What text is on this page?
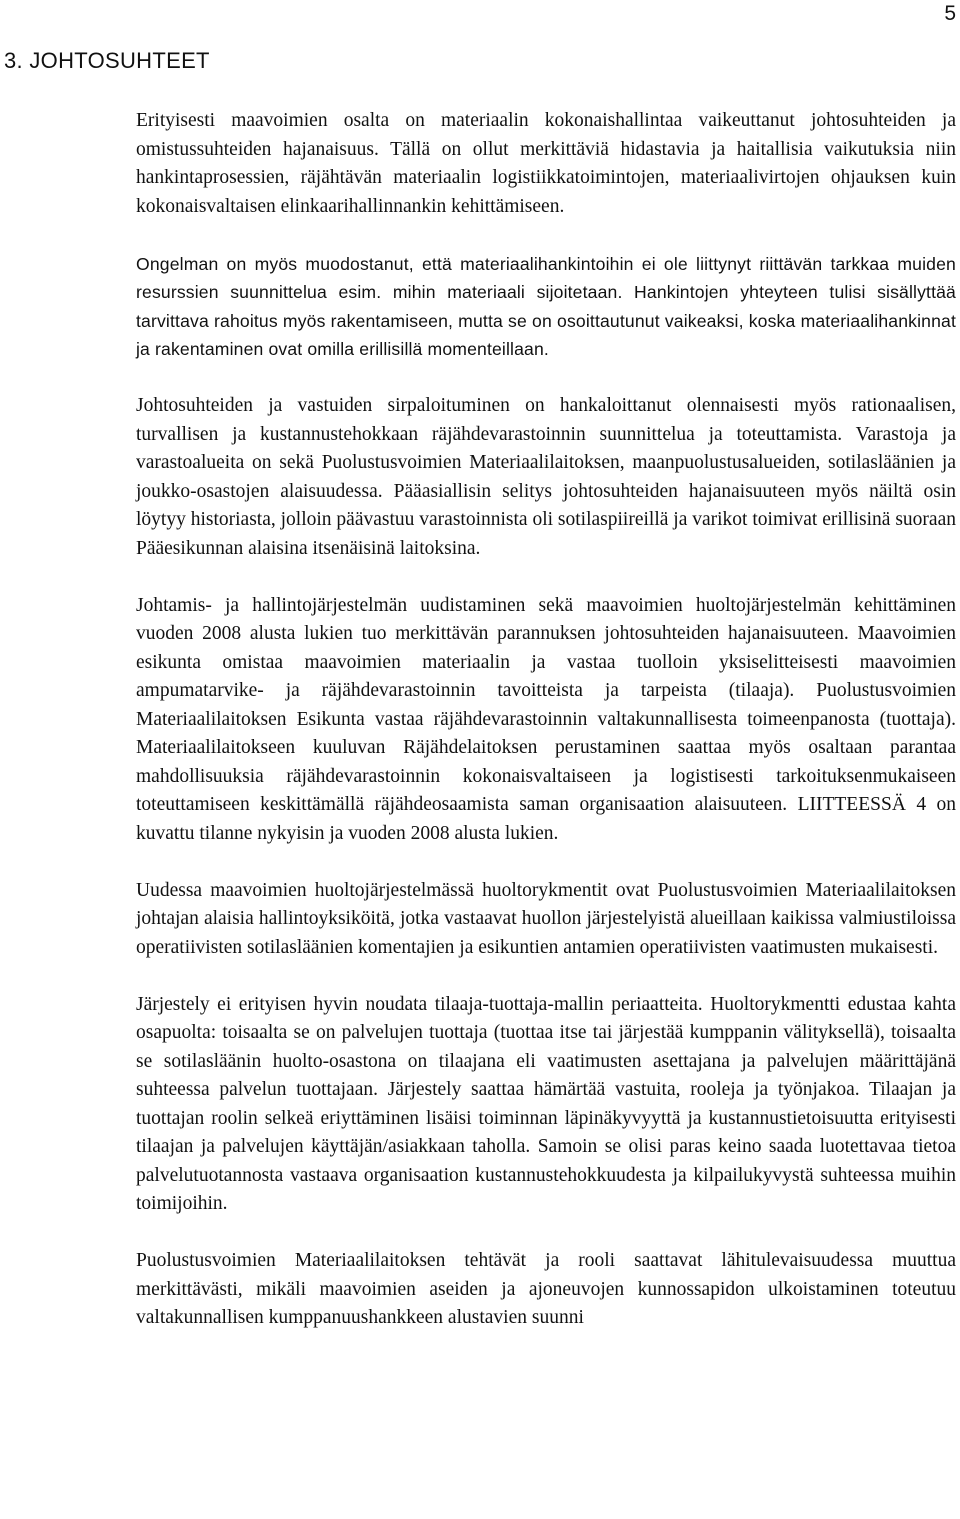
5
3. JOHTOSUHTEET

Erityisesti maavoimien osalta on materiaalin kokonaishallintaa vaikeuttanut johtosuhteiden ja omistussuhteiden hajanaisuus. Tällä on ollut merkittäviä hidastavia ja haitallisia vaikutuksia niin hankintaprosessien, räjähtävän materiaalin logistiikkatoimintojen, materiaalivirtojen ohjauksen kuin kokonaisvaltaisen elinkaarihallinnankin kehittämiseen.

Ongelman on myös muodostanut, että materiaalihankintoihin ei ole liittynyt riittävän tarkkaa muiden resurssien suunnittelua esim. mihin materiaali sijoitetaan. Hankintojen yhteyteen tulisi sisällyttää tarvittava rahoitus myös rakentamiseen, mutta se on osoittautunut vaikeaksi, koska materiaalihankinnat ja rakentaminen ovat omilla erillisillä momenteillaan.

Johtosuhteiden ja vastuiden sirpaloituminen on hankaloittanut olennaisesti myös rationaalisen, turvallisen ja kustannustehokkaan räjähdevarastoinnin suunnittelua ja toteuttamista. Varastoja ja varastoalueita on sekä Puolustusvoimien Materiaalilaitoksen, maanpuolustusalueiden, sotilasläänien ja joukko-osastojen alaisuudessa. Pääasiallisin selitys johtosuhteiden hajanaisuuteen myös näiltä osin löytyy historiasta, jolloin päävastuu varastoinnista oli sotilaspiireillä ja varikot toimivat erillisinä suoraan Pääesikunnan alaisina itsenäisinä laitoksina.

Johtamis- ja hallintojärjestelmän uudistaminen sekä maavoimien huoltojärjestelmän kehittäminen vuoden 2008 alusta lukien tuo merkittävän parannuksen johtosuhteiden hajanaisuuteen. Maavoimien esikunta omistaa maavoimien materiaalin ja vastaa tuolloin yksiselitteisesti maavoimien ampumatarvike- ja räjähdevarastoinnin tavoitteista ja tarpeista (tilaaja). Puolustusvoimien Materiaalilaitoksen Esikunta vastaa räjähdevarastoinnin valtakunnallisesta toimeenpanosta (tuottaja). Materiaalilaitokseen kuuluvan Räjähdelaitoksen perustaminen saattaa myös osaltaan parantaa mahdollisuuksia räjähdevarastoinnin kokonaisvaltaiseen ja logistisesti tarkoituksenmukaiseen toteuttamiseen keskittämällä räjähdeosaamista saman organisaation alaisuuteen. LIITTEESSÄ 4 on kuvattu tilanne nykyisin ja vuoden 2008 alusta lukien.

Uudessa maavoimien huoltojärjestelmässä huoltorykmentit ovat Puolustusvoimien Materiaalilaitoksen johtajan alaisia hallintoyksiköitä, jotka vastaavat huollon järjestelyistä alueillaan kaikissa valmiustiloissa operatiivisten sotilasläänien komentajien ja esikuntien antamien operatiivisten vaatimusten mukaisesti.

Järjestely ei erityisen hyvin noudata tilaaja-tuottaja-mallin periaatteita. Huoltorykmentti edustaa kahta osapuolta: toisaalta se on palvelujen tuottaja (tuottaa itse tai järjestää kumppanin välityksellä), toisaalta se sotilasläänin huolto-osastona on tilaajana eli vaatimusten asettajana ja palvelujen määrittäjänä suhteessa palvelun tuottajaan. Järjestely saattaa hämärtää vastuita, rooleja ja työnjakoa. Tilaajan ja tuottajan roolin selkeä eriyttäminen lisäisi toiminnan läpinäkyvyyttä ja kustannustietoisuutta erityisesti tilaajan ja palvelujen käyttäjän/asiakkaan taholla. Samoin se olisi paras keino saada luotettavaa tietoa palvelutuotannosta vastaava organisaation kustannustehokkuudesta ja kilpailukyvystä suhteessa muihin toimijoihin.

Puolustusvoimien Materiaalilaitoksen tehtävät ja rooli saattavat lähitulevaisuudessa muuttua merkittävästi, mikäli maavoimien aseiden ja ajoneuvojen kunnossapidon ulkoistaminen toteutuu valtakunnallisen kumppanuushankkeen alustavien suunni
